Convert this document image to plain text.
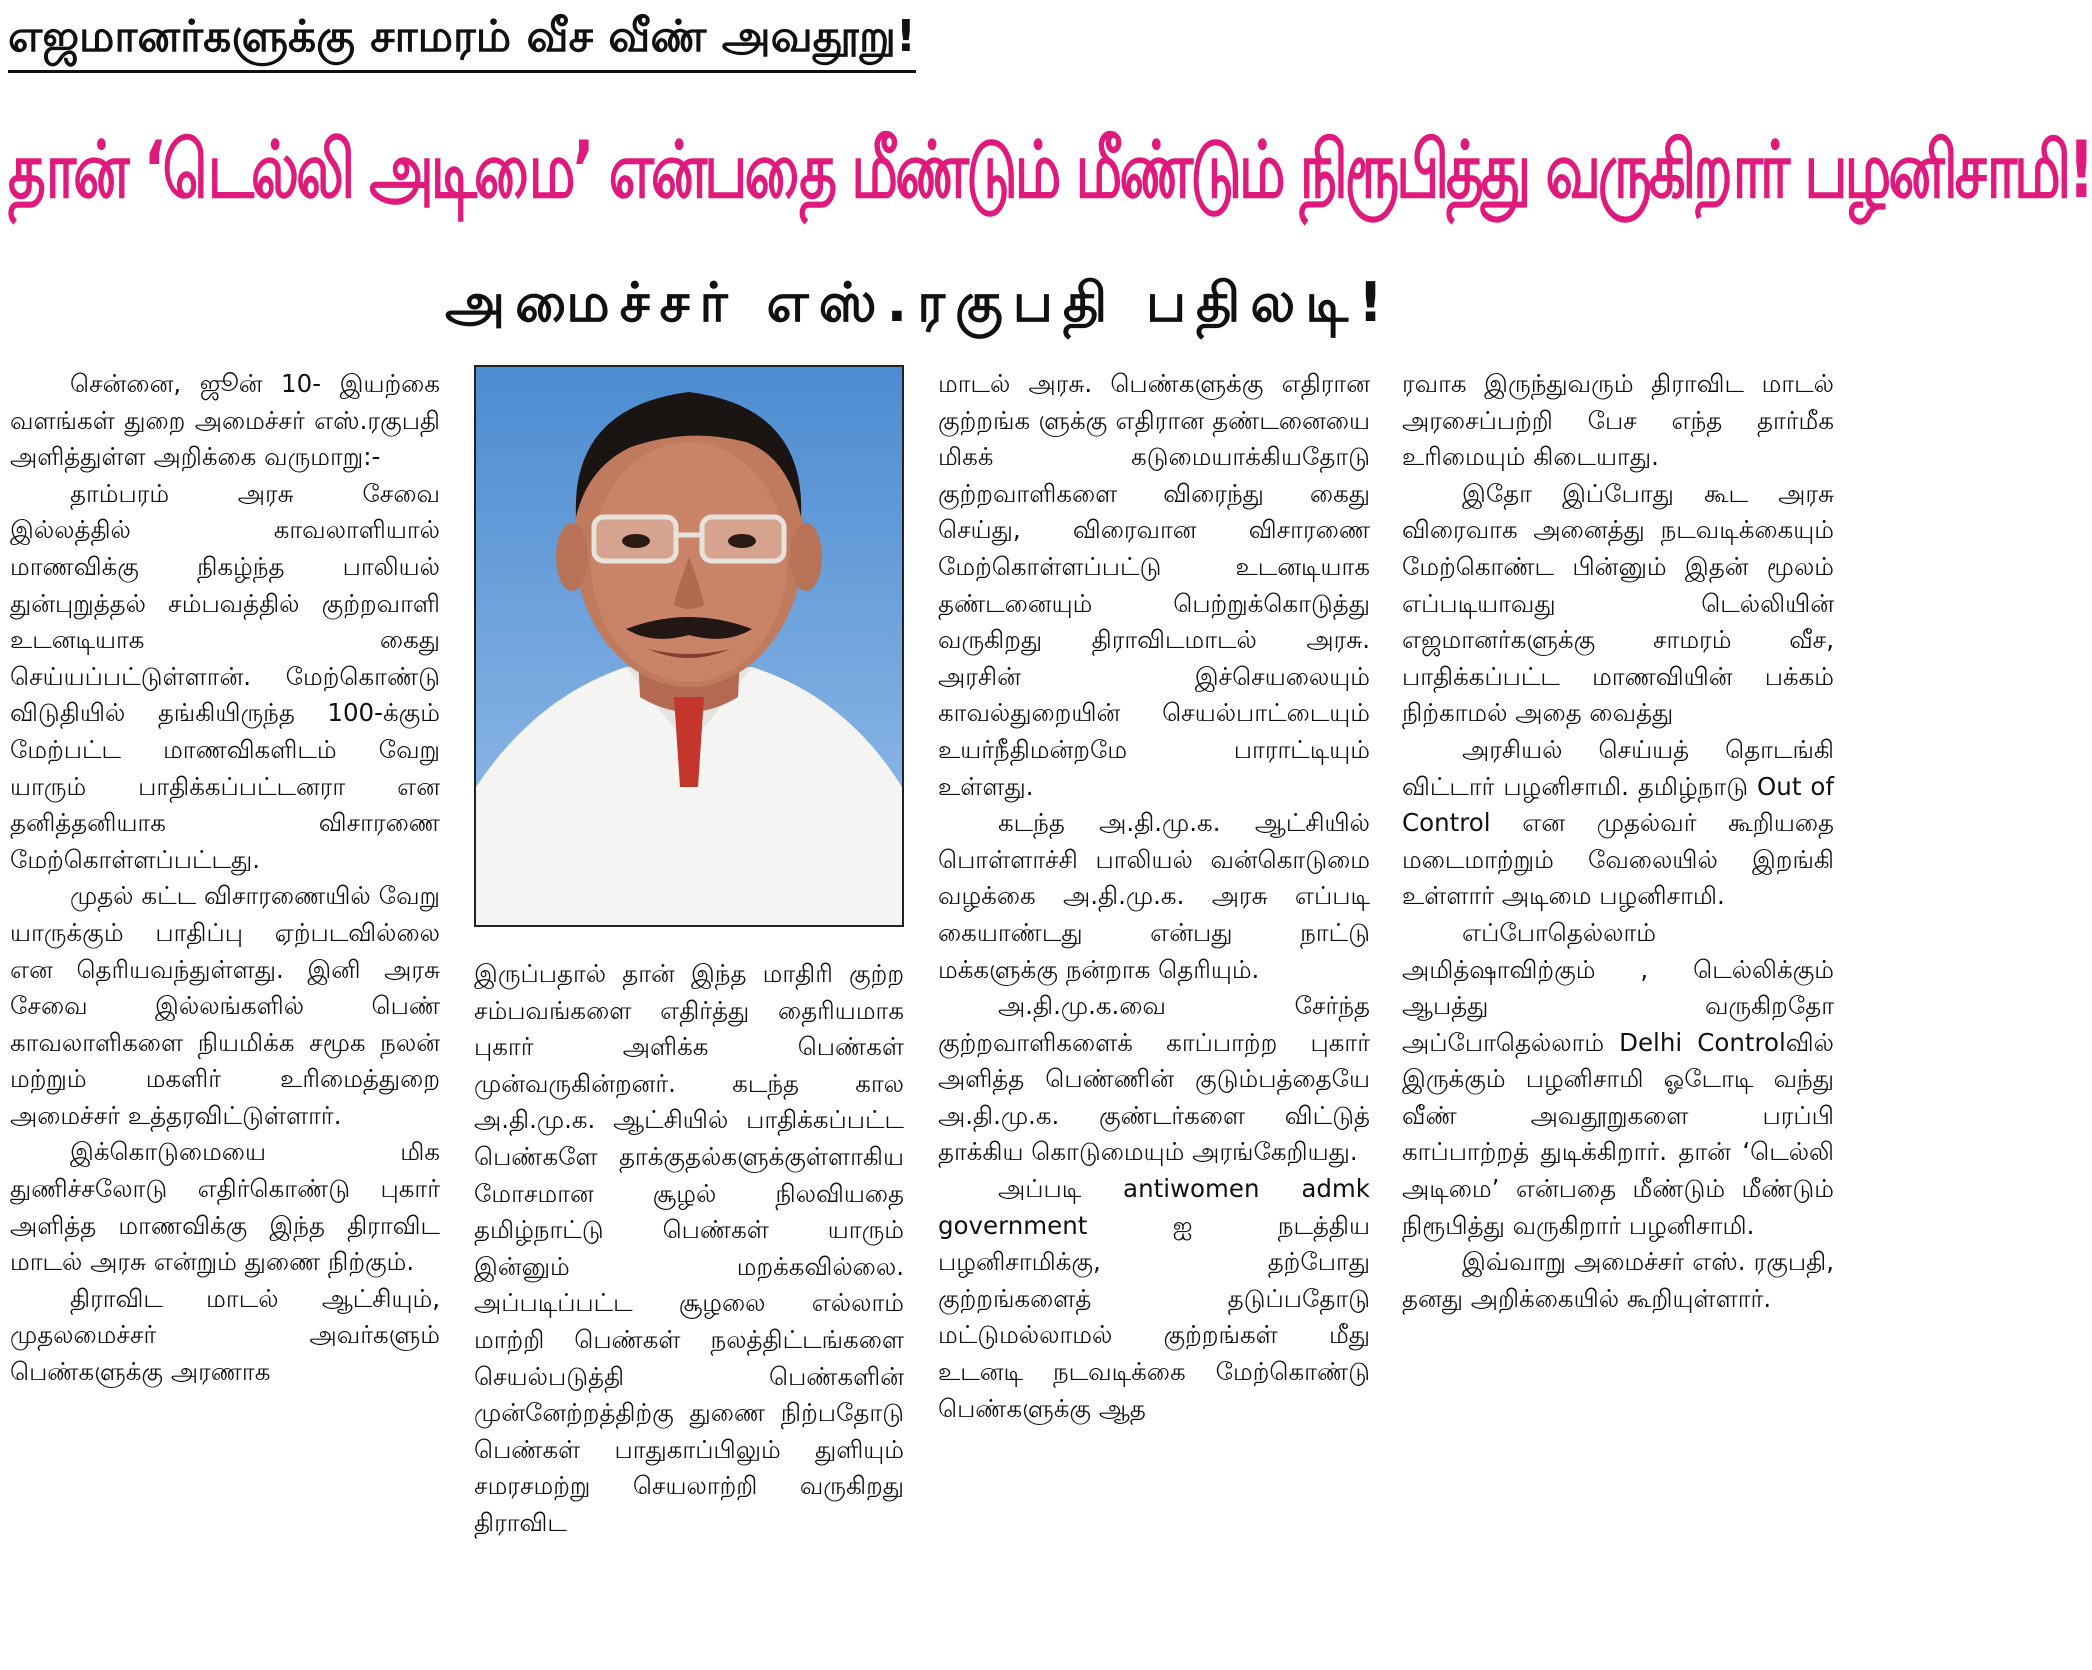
எஜமானர்களுக்கு சாமரம் வீச வீண் அவதூறு!
தான் ‘டெல்லி அடிமை’ என்பதை மீண்டும் மீண்டும் நிரூபித்து வருகிறார் பழனிசாமி!
அமைச்சர் எஸ்.ரகுபதி பதிலடி!

சென்னை, ஜூன் 10- இயற்கை வளங்கள் துறை அமைச்சர் எஸ்.ரகுபதி அளித்துள்ள அறிக்கை வருமாறு:-

தாம்பரம் அரசு சேவை இல்லத்தில் காவலாளியால் மாணவிக்கு நிகழ்ந்த பாலியல் துன்புறுத்தல் சம்பவத்தில் குற்றவாளி உடனடியாக கைது செய்யப்பட்டுள்ளான். மேற்கொண்டு விடுதியில் தங்கியிருந்த 100-க்கும் மேற்பட்ட மாணவிகளிடம் வேறு யாரும் பாதிக்கப்பட்டனரா என தனித்தனியாக விசாரணை மேற்கொள்ளப்பட்டது.

முதல் கட்ட விசாரணையில் வேறு யாருக்கும் பாதிப்பு ஏற்படவில்லை என தெரியவந்துள்ளது. இனி அரசு சேவை இல்லங்களில் பெண் காவலாளிகளை நியமிக்க சமூக நலன் மற்றும் மகளிர் உரிமைத்துறை அமைச்சர் உத்தரவிட்டுள்ளார்.

இக்கொடுமையை மிக துணிச்சலோடு எதிர்கொண்டு புகார் அளித்த மாணவிக்கு இந்த திராவிட மாடல் அரசு என்றும் துணை நிற்கும்.

திராவிட மாடல் ஆட்சியும், முதலமைச்சர் அவர்களும் பெண்களுக்கு அரணாக

இருப்பதால் தான் இந்த மாதிரி குற்ற சம்பவங்களை எதிர்த்து தைரியமாக புகார் அளிக்க பெண்கள் முன்வருகின்றனர். கடந்த கால அ.தி.மு.க. ஆட்சியில் பாதிக்கப்பட்ட பெண்களே தாக்குதல்களுக்குள்ளாகிய மோசமான சூழல் நிலவியதை தமிழ்நாட்டு பெண்கள் யாரும் இன்னும் மறக்கவில்லை. அப்படிப்பட்ட சூழலை எல்லாம் மாற்றி பெண்கள் நலத்திட்டங்களை செயல்படுத்தி பெண்களின் முன்னேற்றத்திற்கு துணை நிற்பதோடு பெண்கள் பாதுகாப்பிலும் துளியும் சமரசமற்று செயலாற்றி வருகிறது திராவிட

மாடல் அரசு. பெண்களுக்கு எதிரான குற்றங்க ளுக்கு எதிரான தண்டனையை மிகக் கடுமையாக்கியதோடு குற்றவாளிகளை விரைந்து கைது செய்து, விரைவான விசாரணை மேற்கொள்ளப்பட்டு உடனடியாக தண்டனையும் பெற்றுக்கொடுத்து வருகிறது திராவிடமாடல் அரசு. அரசின் இச்செயலையும் காவல்துறையின் செயல்பாட்டையும் உயர்நீதிமன்றமே பாராட்டியும் உள்ளது.

கடந்த அ.தி.மு.க. ஆட்சியில் பொள்ளாச்சி பாலியல் வன்கொடுமை வழக்கை அ.தி.மு.க. அரசு எப்படி கையாண்டது என்பது நாட்டு மக்களுக்கு நன்றாக தெரியும்.

அ.தி.மு.க.வை சேர்ந்த குற்றவாளிகளைக் காப்பாற்ற புகார் அளித்த பெண்ணின் குடும்பத்தையே அ.தி.மு.க. குண்டர்களை விட்டுத் தாக்கிய கொடுமையும் அரங்கேறியது.

அப்படி antiwomen admk government ஐ நடத்திய பழனிசாமிக்கு, தற்போது குற்றங்களைத் தடுப்பதோடு மட்டுமல்லாமல் குற்றங்கள் மீது உடனடி நடவடிக்கை மேற்கொண்டு பெண்களுக்கு ஆத

ரவாக இருந்துவரும் திராவிட மாடல் அரசைப்பற்றி பேச எந்த தார்மீக உரிமையும் கிடையாது.

இதோ இப்போது கூட அரசு விரைவாக அனைத்து நடவடிக்கையும் மேற்கொண்ட பின்னும் இதன் மூலம் எப்படியாவது டெல்லியின் எஜமானர்களுக்கு சாமரம் வீச, பாதிக்கப்பட்ட மாணவியின் பக்கம் நிற்காமல் அதை வைத்து

அரசியல் செய்யத் தொடங்கி விட்டார் பழனிசாமி. தமிழ்நாடு Out of Control என முதல்வர் கூறியதை மடைமாற்றும் வேலையில் இறங்கி உள்ளார் அடிமை பழனிசாமி.

எப்போதெல்லாம் அமித்ஷாவிற்கும் , டெல்லிக்கும் ஆபத்து வருகிறதோ அப்போதெல்லாம் Delhi Controlவில் இருக்கும் பழனிசாமி ஓடோடி வந்து வீண் அவதூறுகளை பரப்பி காப்பாற்றத் துடிக்கிறார். தான் ‘டெல்லி அடிமை’ என்பதை மீண்டும் மீண்டும் நிரூபித்து வருகிறார் பழனிசாமி.

இவ்வாறு அமைச்சர் எஸ். ரகுபதி, தனது அறிக்கையில் கூறியுள்ளார்.
